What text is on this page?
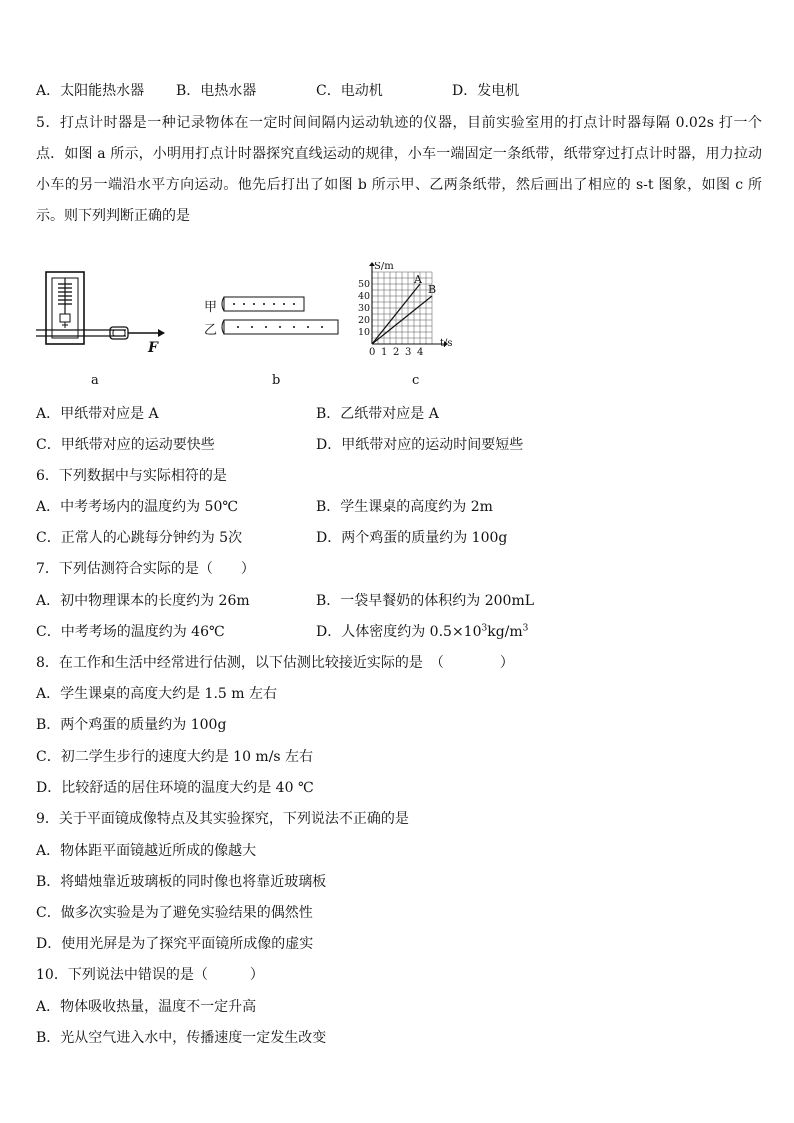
A．太阳能热水器 B．电热水器	C．电动机	D．发电机
5．打点计时器是一种记录物体在一定时间间隔内运动轨迹的仪器，目前实验室用的打点计时器每隔 0.02s 打一个点．如图 a 所示，小明用打点计时器探究直线运动的规律，小车一端固定一条纸带，纸带穿过打点计时器，用力拉动小车的另一端沿水平方向运动。他先后打出了如图 b 所示甲、乙两条纸带，然后画出了相应的 s-t 图象，如图 c 所示。则下列判断正确的是
F
甲
乙
A
B
S/m
t/s
0 1 2 3 4
10
20
30
40
50
a	b	c
A．甲纸带对应是 A	B．乙纸带对应是 A
C．甲纸带对应的运动要快些	D．甲纸带对应的运动时间要短些
6．下列数据中与实际相符的是
A．中考考场内的温度约为 50℃	B．学生课桌的高度约为 2m
C．正常人的心跳每分钟约为 5次	D．两个鸡蛋的质量约为 100g
7．下列估测符合实际的是（　　）
A．初中物理课本的长度约为 26m	B．一袋早餐奶的体积约为 200mL
C．中考考场的温度约为 46℃	D．人体密度约为 $0.5\times 10^3kg/m^3$
8．在工作和生活中经常进行估测，以下估测比较接近实际的是　（　　　　）
A．学生课桌的高度大约是 1.5 m 左右
B．两个鸡蛋的质量约为 100g
C．初二学生步行的速度大约是 10 m/s 左右
D．比较舒适的居住环境的温度大约是 40 ℃
9．关于平面镜成像特点及其实验探究，下列说法不正确的是
A．物体距平面镜越近所成的像越大
B．将蜡烛靠近玻璃板的同时像也将靠近玻璃板
C．做多次实验是为了避免实验结果的偶然性
D．使用光屏是为了探究平面镜所成像的虚实
10．下列说法中错误的是（　　　）
A．物体吸收热量，温度不一定升高
B．光从空气进入水中，传播速度一定发生改变
